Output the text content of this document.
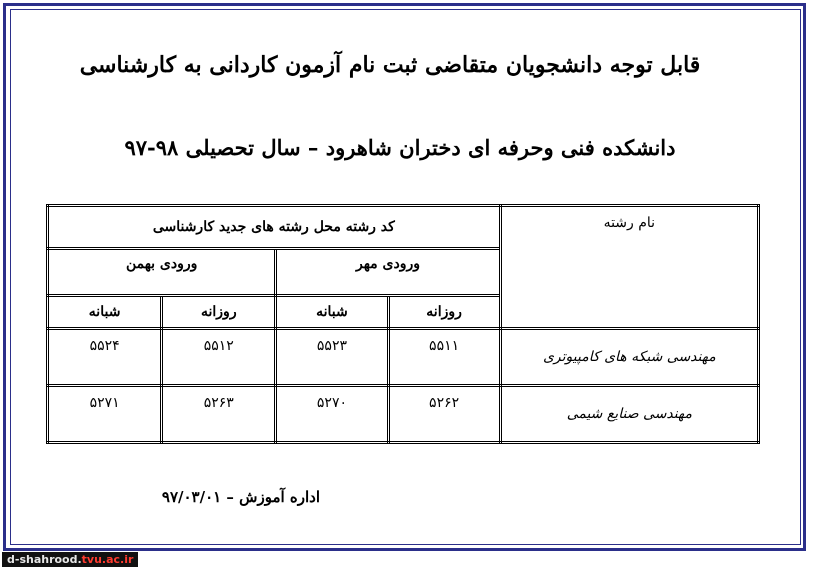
قابل توجه دانشجویان متقاضی ثبت نام آزمون کاردانی به کارشناسی
دانشکده فنی وحرفه ای دختران شاهرود – سال تحصیلی ۹۸-۹۷
نام رشته	کد رشته محل رشته های جدید کارشناسی			
	ورودی مهر		ورودی بهمن	
	روزانه	شبانه	روزانه	شبانه
مهندسی شبکه های کامپیوتری	۵۵۱۱	۵۵۲۳	۵۵۱۲	۵۵۲۴
مهندسی صنایع شیمی	۵۲۶۲	۵۲۷۰	۵۲۶۳	۵۲۷۱
اداره آموزش – ۹۷/۰۳/۰۱
d-shahrood.tvu.ac.ir
